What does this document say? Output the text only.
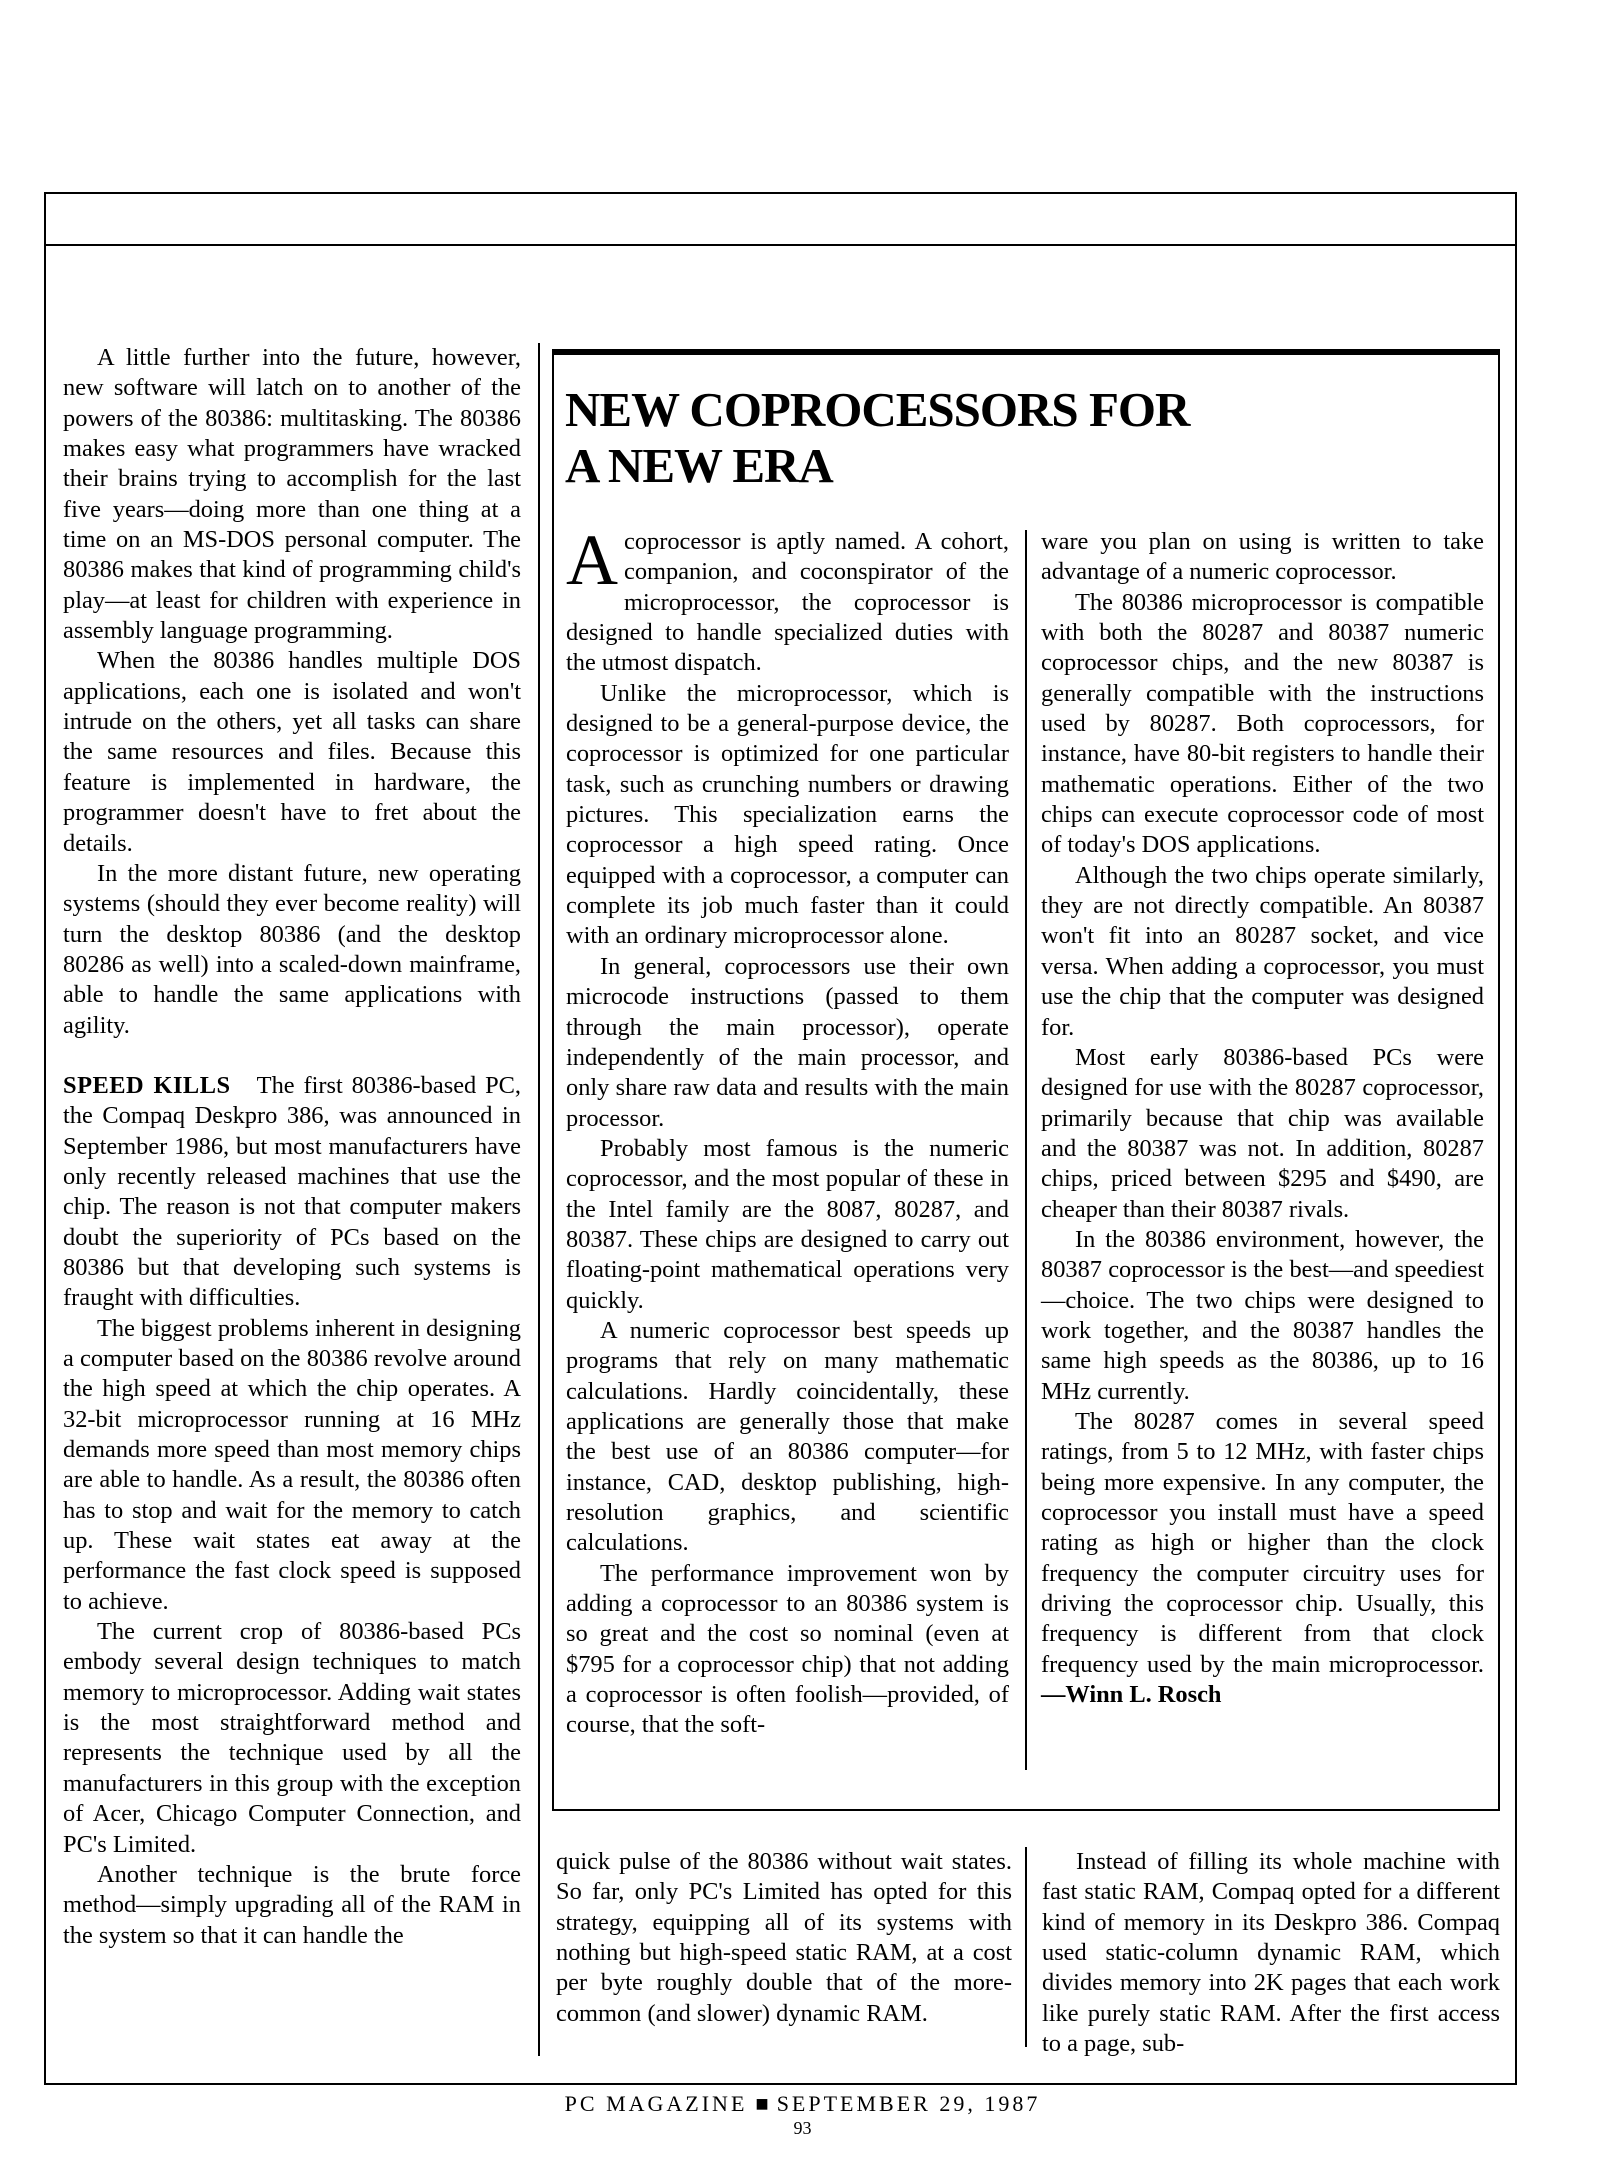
A little further into the future, however, new software will latch on to another of the powers of the 80386: multitasking. The 80386 makes easy what programmers have wracked their brains trying to accomplish for the last five years—doing more than one thing at a time on an MS-DOS personal computer. The 80386 makes that kind of programming child's play—at least for children with experience in assembly language programming.

When the 80386 handles multiple DOS applications, each one is isolated and won't intrude on the others, yet all tasks can share the same resources and files. Because this feature is implemented in hardware, the programmer doesn't have to fret about the details.

In the more distant future, new operating systems (should they ever become reality) will turn the desktop 80386 (and the desktop 80286 as well) into a scaled-down mainframe, able to handle the same applications with agility.

SPEED KILLS The first 80386-based PC, the Compaq Deskpro 386, was announced in September 1986, but most manufacturers have only recently released machines that use the chip. The reason is not that computer makers doubt the superiority of PCs based on the 80386 but that developing such systems is fraught with difficulties.

The biggest problems inherent in designing a computer based on the 80386 revolve around the high speed at which the chip operates. A 32-bit microprocessor running at 16 MHz demands more speed than most memory chips are able to handle. As a result, the 80386 often has to stop and wait for the memory to catch up. These wait states eat away at the performance the fast clock speed is supposed to achieve.

The current crop of 80386-based PCs embody several design techniques to match memory to microprocessor. Adding wait states is the most straightforward method and represents the technique used by all the manufacturers in this group with the exception of Acer, Chicago Computer Connection, and PC's Limited.

Another technique is the brute force method—simply upgrading all of the RAM in the system so that it can handle the

NEW COPROCESSORS FOR
A NEW ERA

Acoprocessor is aptly named. A cohort, companion, and coconspirator of the microprocessor, the coprocessor is designed to handle specialized duties with the utmost dispatch.

Unlike the microprocessor, which is designed to be a general-purpose device, the coprocessor is optimized for one particular task, such as crunching numbers or drawing pictures. This specialization earns the coprocessor a high speed rating. Once equipped with a coprocessor, a computer can complete its job much faster than it could with an ordinary microprocessor alone.

In general, coprocessors use their own microcode instructions (passed to them through the main processor), operate independently of the main processor, and only share raw data and results with the main processor.

Probably most famous is the numeric coprocessor, and the most popular of these in the Intel family are the 8087, 80287, and 80387. These chips are designed to carry out floating-point mathematical operations very quickly.

A numeric coprocessor best speeds up programs that rely on many mathematic calculations. Hardly coincidentally, these applications are generally those that make the best use of an 80386 computer—for instance, CAD, desktop publishing, high-resolution graphics, and scientific calculations.

The performance improvement won by adding a coprocessor to an 80386 system is so great and the cost so nominal (even at $795 for a coprocessor chip) that not adding a coprocessor is often foolish—provided, of course, that the soft-

ware you plan on using is written to take advantage of a numeric coprocessor.

The 80386 microprocessor is compatible with both the 80287 and 80387 numeric coprocessor chips, and the new 80387 is generally compatible with the instructions used by 80287. Both coprocessors, for instance, have 80-bit registers to handle their mathematic operations. Either of the two chips can execute coprocessor code of most of today's DOS applications.

Although the two chips operate similarly, they are not directly compatible. An 80387 won't fit into an 80287 socket, and vice versa. When adding a coprocessor, you must use the chip that the computer was designed for.

Most early 80386-based PCs were designed for use with the 80287 coprocessor, primarily because that chip was available and the 80387 was not. In addition, 80287 chips, priced between $295 and $490, are cheaper than their 80387 rivals.

In the 80386 environment, however, the 80387 coprocessor is the best—and speediest—choice. The two chips were designed to work together, and the 80387 handles the same high speeds as the 80386, up to 16 MHz currently.

The 80287 comes in several speed ratings, from 5 to 12 MHz, with faster chips being more expensive. In any computer, the coprocessor you install must have a speed rating as high or higher than the clock frequency the computer circuitry uses for driving the coprocessor chip. Usually, this frequency is different from that clock frequency used by the main microprocessor.—Winn L. Rosch

quick pulse of the 80386 without wait states. So far, only PC's Limited has opted for this strategy, equipping all of its systems with nothing but high-speed static RAM, at a cost per byte roughly double that of the more-common (and slower) dynamic RAM.

Instead of filling its whole machine with fast static RAM, Compaq opted for a different kind of memory in its Deskpro 386. Compaq used static-column dynamic RAM, which divides memory into 2K pages that each work like purely static RAM. After the first access to a page, sub-

PC MAGAZINE ■ SEPTEMBER 29, 1987
93
